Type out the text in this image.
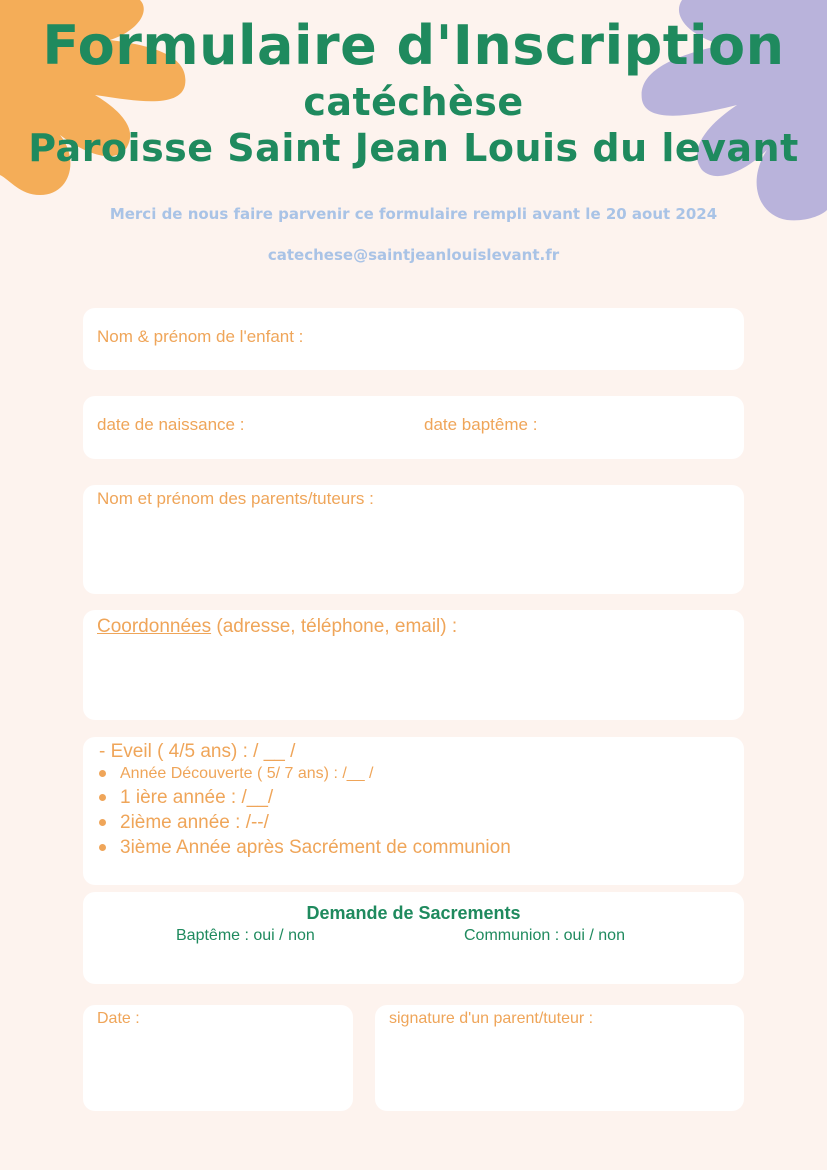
Formulaire d'Inscription
catéchèse
Paroisse Saint Jean Louis du levant
Merci de nous faire parvenir ce formulaire rempli avant le 20 aout 2024
catechese@saintjeanlouislevant.fr
Nom & prénom de l'enfant :
date de naissance :	date baptême :
Nom et prénom des parents/tuteurs :
Coordonnées (adresse, téléphone, email) :
- Eveil ( 4/5 ans) : / __ /
Année Découverte ( 5/ 7 ans) : /__ /
1 ière année : /__/
2ième année : /--/
3ième Année après Sacrément de communion
Demande de Sacrements
Baptême : oui / non	Communion : oui / non
Date :	signature d'un parent/tuteur :
